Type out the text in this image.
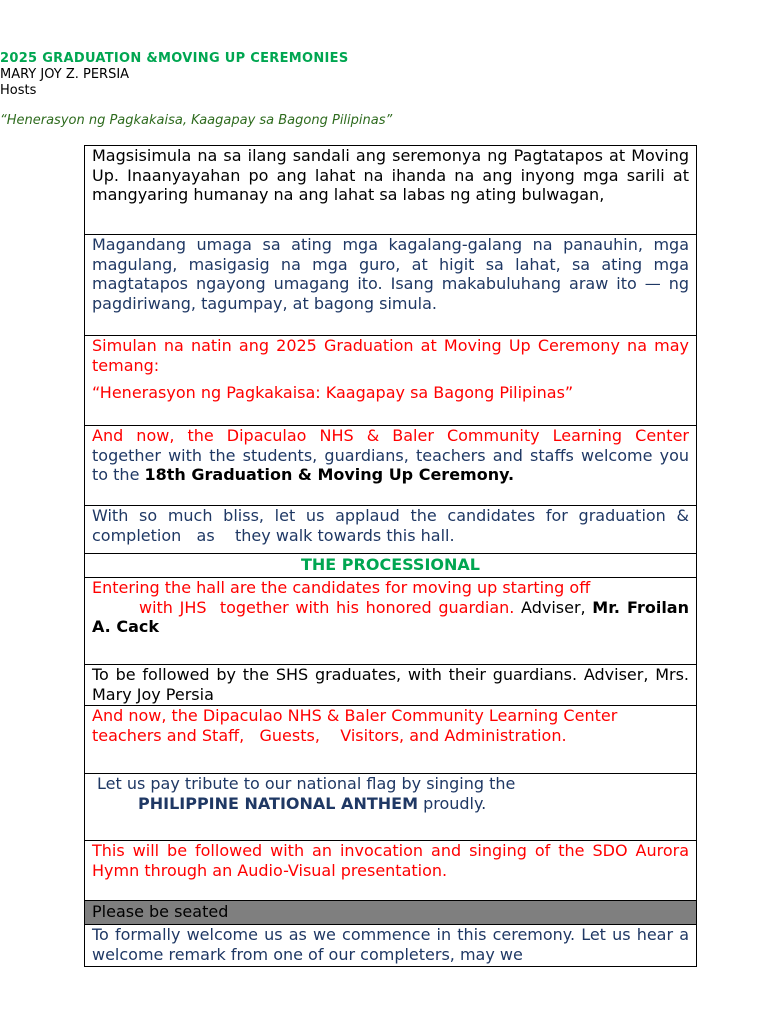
2025 GRADUATION &MOVING UP CEREMONIES
MARY JOY Z. PERSIA
Hosts
“Henerasyon ng Pagkakaisa, Kaagapay sa Bagong Pilipinas”
Magsisimula na sa ilang sandali ang seremonya ng Pagtatapos at Moving Up. Inaanyayahan po ang lahat na ihanda na ang inyong mga sarili at mangyaring humanay na ang lahat sa labas ng ating bulwagan,
Magandang umaga sa ating mga kagalang-galang na panauhin, mga magulang, masigasig na mga guro, at higit sa lahat, sa ating mga magtatapos ngayong umagang ito. Isang makabuluhang araw ito — ng pagdiriwang, tagumpay, at bagong simula.
Simulan na natin ang 2025 Graduation at Moving Up Ceremony na may temang:
“Henerasyon ng Pagkakaisa: Kaagapay sa Bagong Pilipinas”
And now, the Dipaculao NHS & Baler Community Learning Center together with the students, guardians, teachers and staffs welcome you to the 18th Graduation & Moving Up Ceremony.
With so much bliss, let us applaud the candidates for graduation & completion   as    they walk towards this hall.
THE PROCESSIONAL
Entering the hall are the candidates for moving up starting off
with JHS  together with his honored guardian. Adviser, Mr. Froilan A. Cack
To be followed by the SHS graduates, with their guardians. Adviser, Mrs. Mary Joy Persia
And now, the Dipaculao NHS & Baler Community Learning Center teachers and Staff,   Guests,    Visitors, and Administration.
Let us pay tribute to our national flag by singing the
PHILIPPINE NATIONAL ANTHEM proudly.
This will be followed with an invocation and singing of the SDO Aurora Hymn through an Audio-Visual presentation.
Please be seated
To formally welcome us as we commence in this ceremony. Let us hear a welcome remark from one of our completers, may we
